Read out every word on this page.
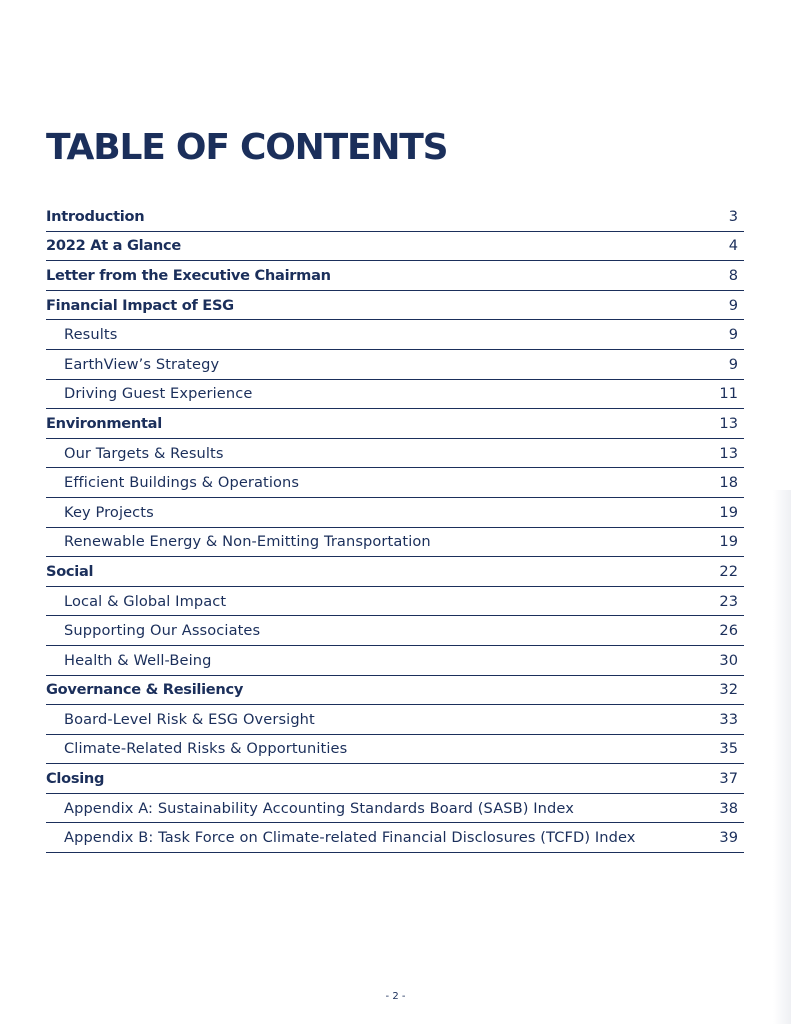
TABLE OF CONTENTS
Introduction	3
2022 At a Glance	4
Letter from the Executive Chairman	8
Financial Impact of ESG	9
Results	9
EarthView’s Strategy	9
Driving Guest Experience	11
Environmental	13
Our Targets & Results	13
Efficient Buildings & Operations	18
Key Projects	19
Renewable Energy & Non-Emitting Transportation	19
Social	22
Local & Global Impact	23
Supporting Our Associates	26
Health & Well-Being	30
Governance & Resiliency	32
Board-Level Risk & ESG Oversight	33
Climate-Related Risks & Opportunities	35
Closing	37
Appendix A: Sustainability Accounting Standards Board (SASB) Index	38
Appendix B: Task Force on Climate-related Financial Disclosures (TCFD) Index	39
- 2 -
